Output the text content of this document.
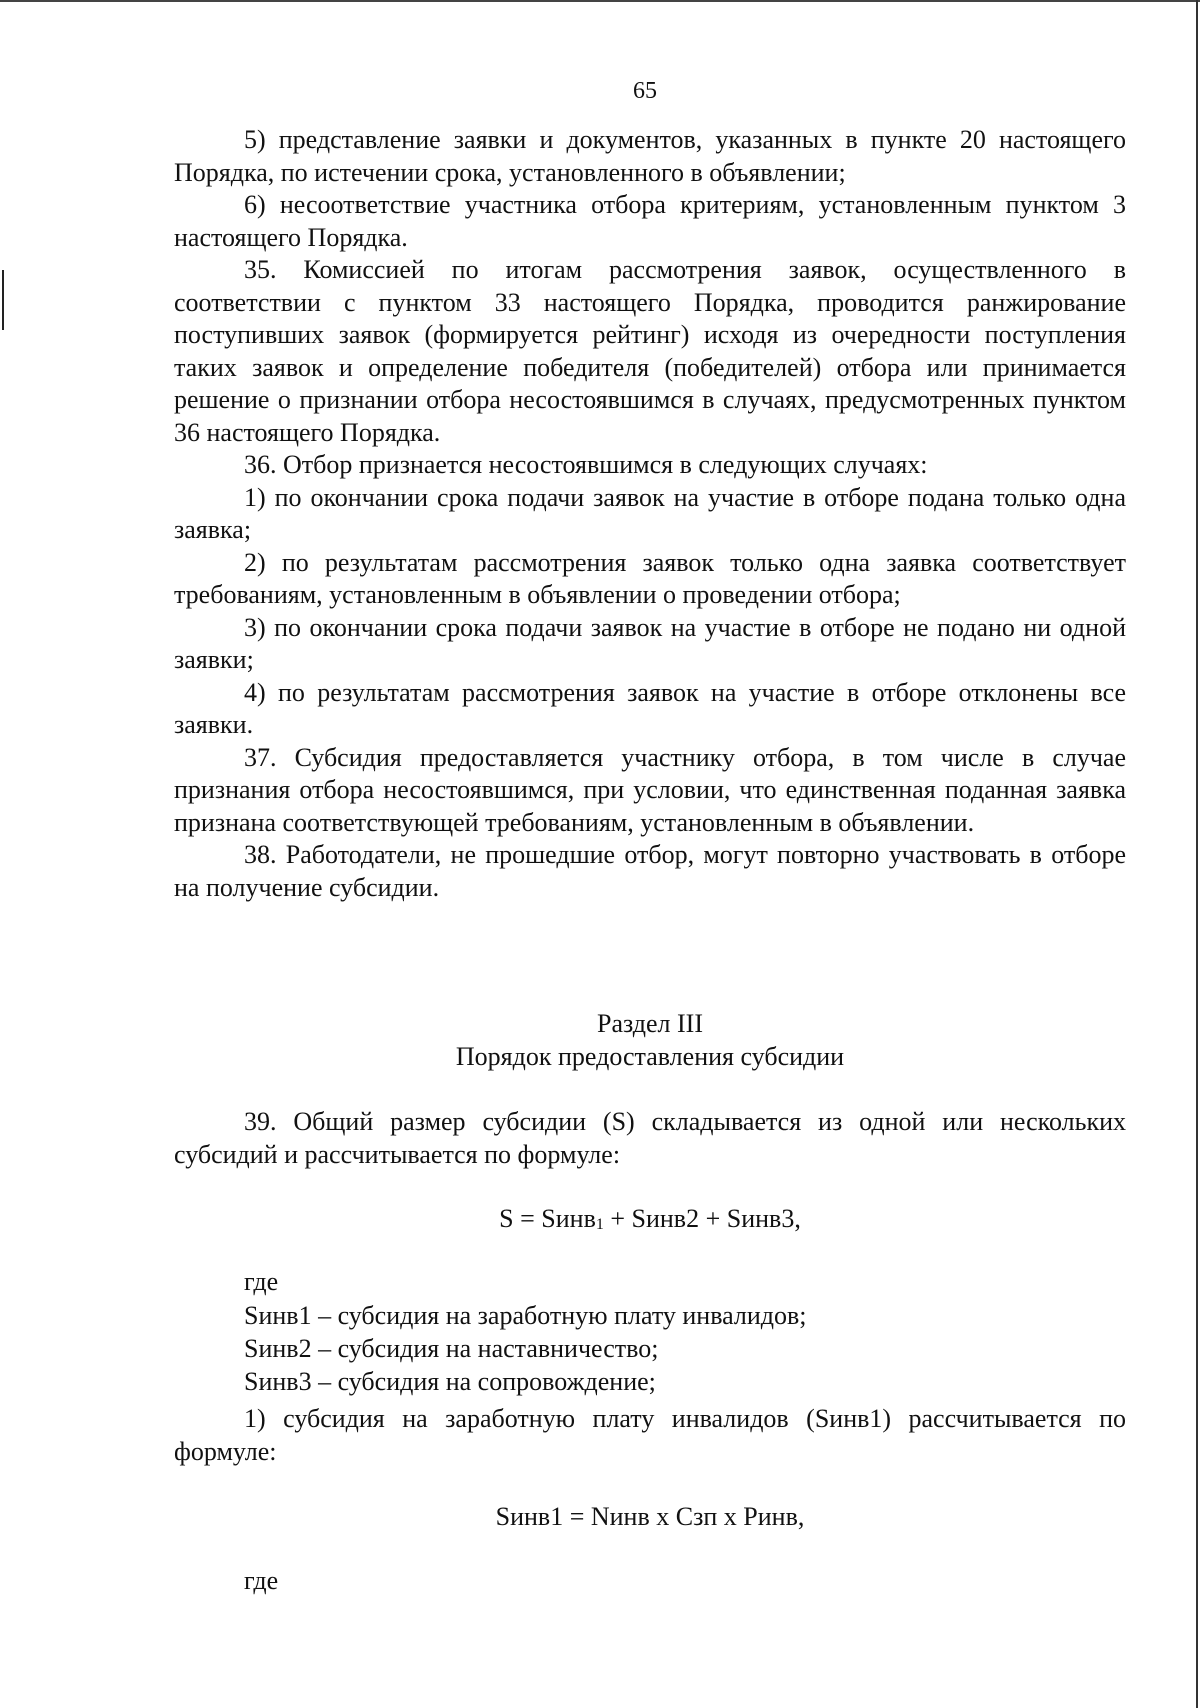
65

5) представление заявки и документов, указанных в пункте 20 настоящего Порядка, по истечении срока, установленного в объявлении;

6) несоответствие участника отбора критериям, установленным пунктом 3 настоящего Порядка.

35. Комиссией по итогам рассмотрения заявок, осуществленного в соответствии с пунктом 33 настоящего Порядка, проводится ранжирование поступивших заявок (формируется рейтинг) исходя из очередности поступления таких заявок и определение победителя (победителей) отбора или принимается решение о признании отбора несостоявшимся в случаях, предусмотренных пунктом 36 настоящего Порядка.

36. Отбор признается несостоявшимся в следующих случаях:

1) по окончании срока подачи заявок на участие в отборе подана только одна заявка;

2) по результатам рассмотрения заявок только одна заявка соответствует требованиям, установленным в объявлении о проведении отбора;

3) по окончании срока подачи заявок на участие в отборе не подано ни одной заявки;

4) по результатам рассмотрения заявок на участие в отборе отклонены все заявки.

37. Субсидия предоставляется участнику отбора, в том числе в случае признания отбора несостоявшимся, при условии, что единственная поданная заявка признана соответствующей требованиям, установленным в объявлении.

38. Работодатели, не прошедшие отбор, могут повторно участвовать в отборе на получение субсидии.

Раздел III
Порядок предоставления субсидии

39. Общий размер субсидии (S) складывается из одной или нескольких субсидий и рассчитывается по формуле:

S = Sинв$_1$ + Sинв2 + Sинв3,
где
Sинв1 – субсидия на заработную плату инвалидов;
Sинв2 – субсидия на наставничество;
Sинв3 – субсидия на сопровождение;

1) субсидия на заработную плату инвалидов (Sинв1) рассчитывается по формуле:

Sинв1 = Nинв х Сзп х Ринв,
где
